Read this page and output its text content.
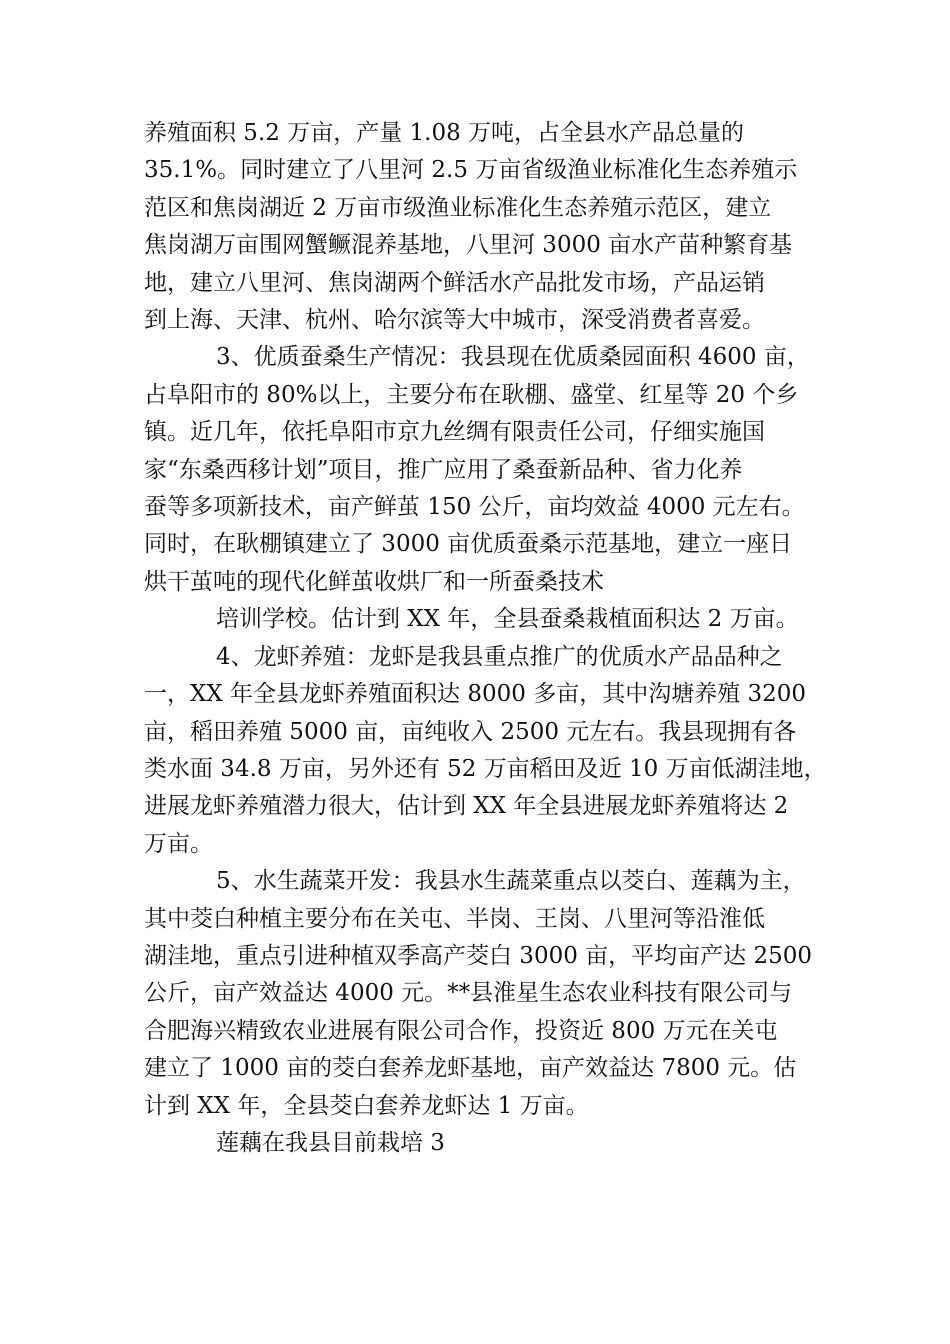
养殖面积 5.2 万亩，产量 1.08 万吨，占全县水产品总量的
35.1%。同时建立了八里河 2.5 万亩省级渔业标准化生态养殖示
范区和焦岗湖近 2 万亩市级渔业标准化生态养殖示范区，建立
焦岗湖万亩围网蟹鳜混养基地，八里河 3000 亩水产苗种繁育基
地，建立八里河、焦岗湖两个鲜活水产品批发市场，产品运销
到上海、天津、杭州、哈尔滨等大中城市，深受消费者喜爱。
3、优质蚕桑生产情况：我县现在优质桑园面积 4600 亩，
占阜阳市的 80%以上，主要分布在耿棚、盛堂、红星等 20 个乡
镇。近几年，依托阜阳市京九丝绸有限责任公司，仔细实施国
家“东桑西移计划”项目，推广应用了桑蚕新品种、省力化养
蚕等多项新技术，亩产鲜茧 150 公斤，亩均效益 4000 元左右。
同时，在耿棚镇建立了 3000 亩优质蚕桑示范基地，建立一座日
烘干茧吨的现代化鲜茧收烘厂和一所蚕桑技术
培训学校。估计到 XX 年，全县蚕桑栽植面积达 2 万亩。
4、龙虾养殖：龙虾是我县重点推广的优质水产品品种之
一，XX 年全县龙虾养殖面积达 8000 多亩，其中沟塘养殖 3200
亩，稻田养殖 5000 亩，亩纯收入 2500 元左右。我县现拥有各
类水面 34.8 万亩，另外还有 52 万亩稻田及近 10 万亩低湖洼地，
进展龙虾养殖潜力很大，估计到 XX 年全县进展龙虾养殖将达 2
万亩。
5、水生蔬菜开发：我县水生蔬菜重点以茭白、莲藕为主，
其中茭白种植主要分布在关屯、半岗、王岗、八里河等沿淮低
湖洼地，重点引进种植双季高产茭白 3000 亩，平均亩产达 2500
公斤，亩产效益达 4000 元。**县淮星生态农业科技有限公司与
合肥海兴精致农业进展有限公司合作，投资近 800 万元在关屯
建立了 1000 亩的茭白套养龙虾基地，亩产效益达 7800 元。估
计到 XX 年，全县茭白套养龙虾达 1 万亩。
莲藕在我县目前栽培 3
